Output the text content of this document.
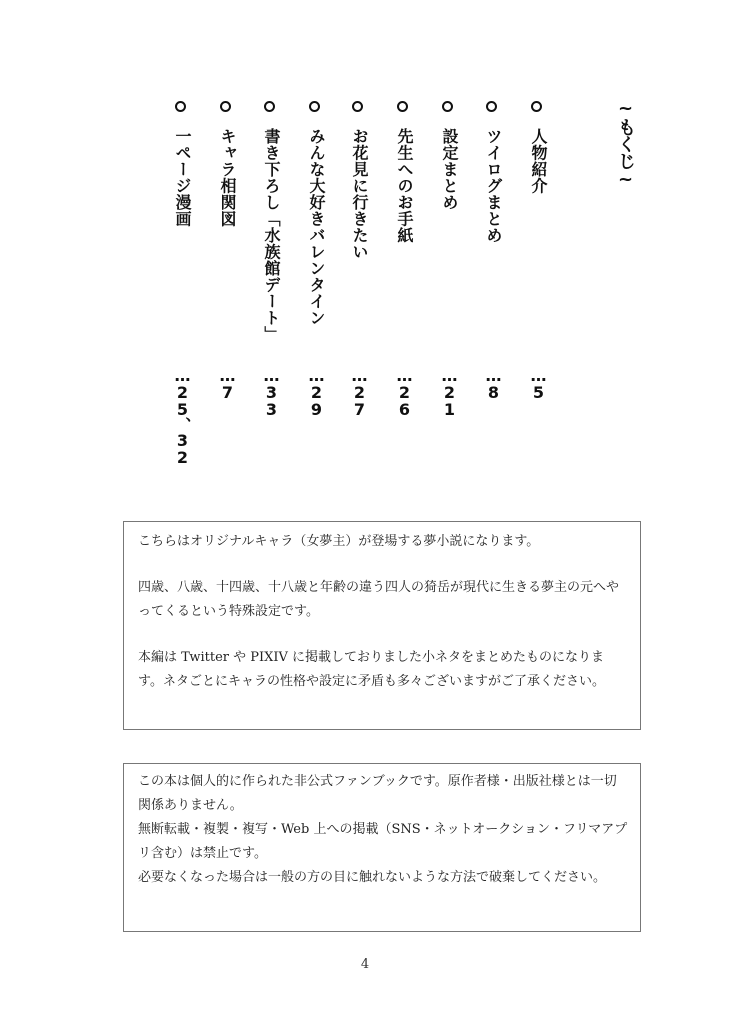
~もくじ~
人物紹介
…5
ツイログまとめ
…8
設定まとめ
…21
先生へのお手紙
…26
お花見に行きたい
…27
みんな大好きバレンタイン
…29
書き下ろし「水族館デート」
…33
キャラ相関図
…7
一ページ漫画
…25、32

こちらはオリジナルキャラ（女夢主）が登場する夢小説になります。

四歳、八歳、十四歳、十八歳と年齢の違う四人の猗岳が現代に生きる夢主の元へやってくるという特殊設定です。

本編は Twitter や PIXIV に掲載しておりました小ネタをまとめたものになります。ネタごとにキャラの性格や設定に矛盾も多々ございますがご了承ください。

この本は個人的に作られた非公式ファンブックです。原作者様・出版社様とは一切関係ありません。

無断転載・複製・複写・Web 上への掲載（SNS・ネットオークション・フリマアプリ含む）は禁止です。

必要なくなった場合は一般の方の目に触れないような方法で破棄してください。

4
